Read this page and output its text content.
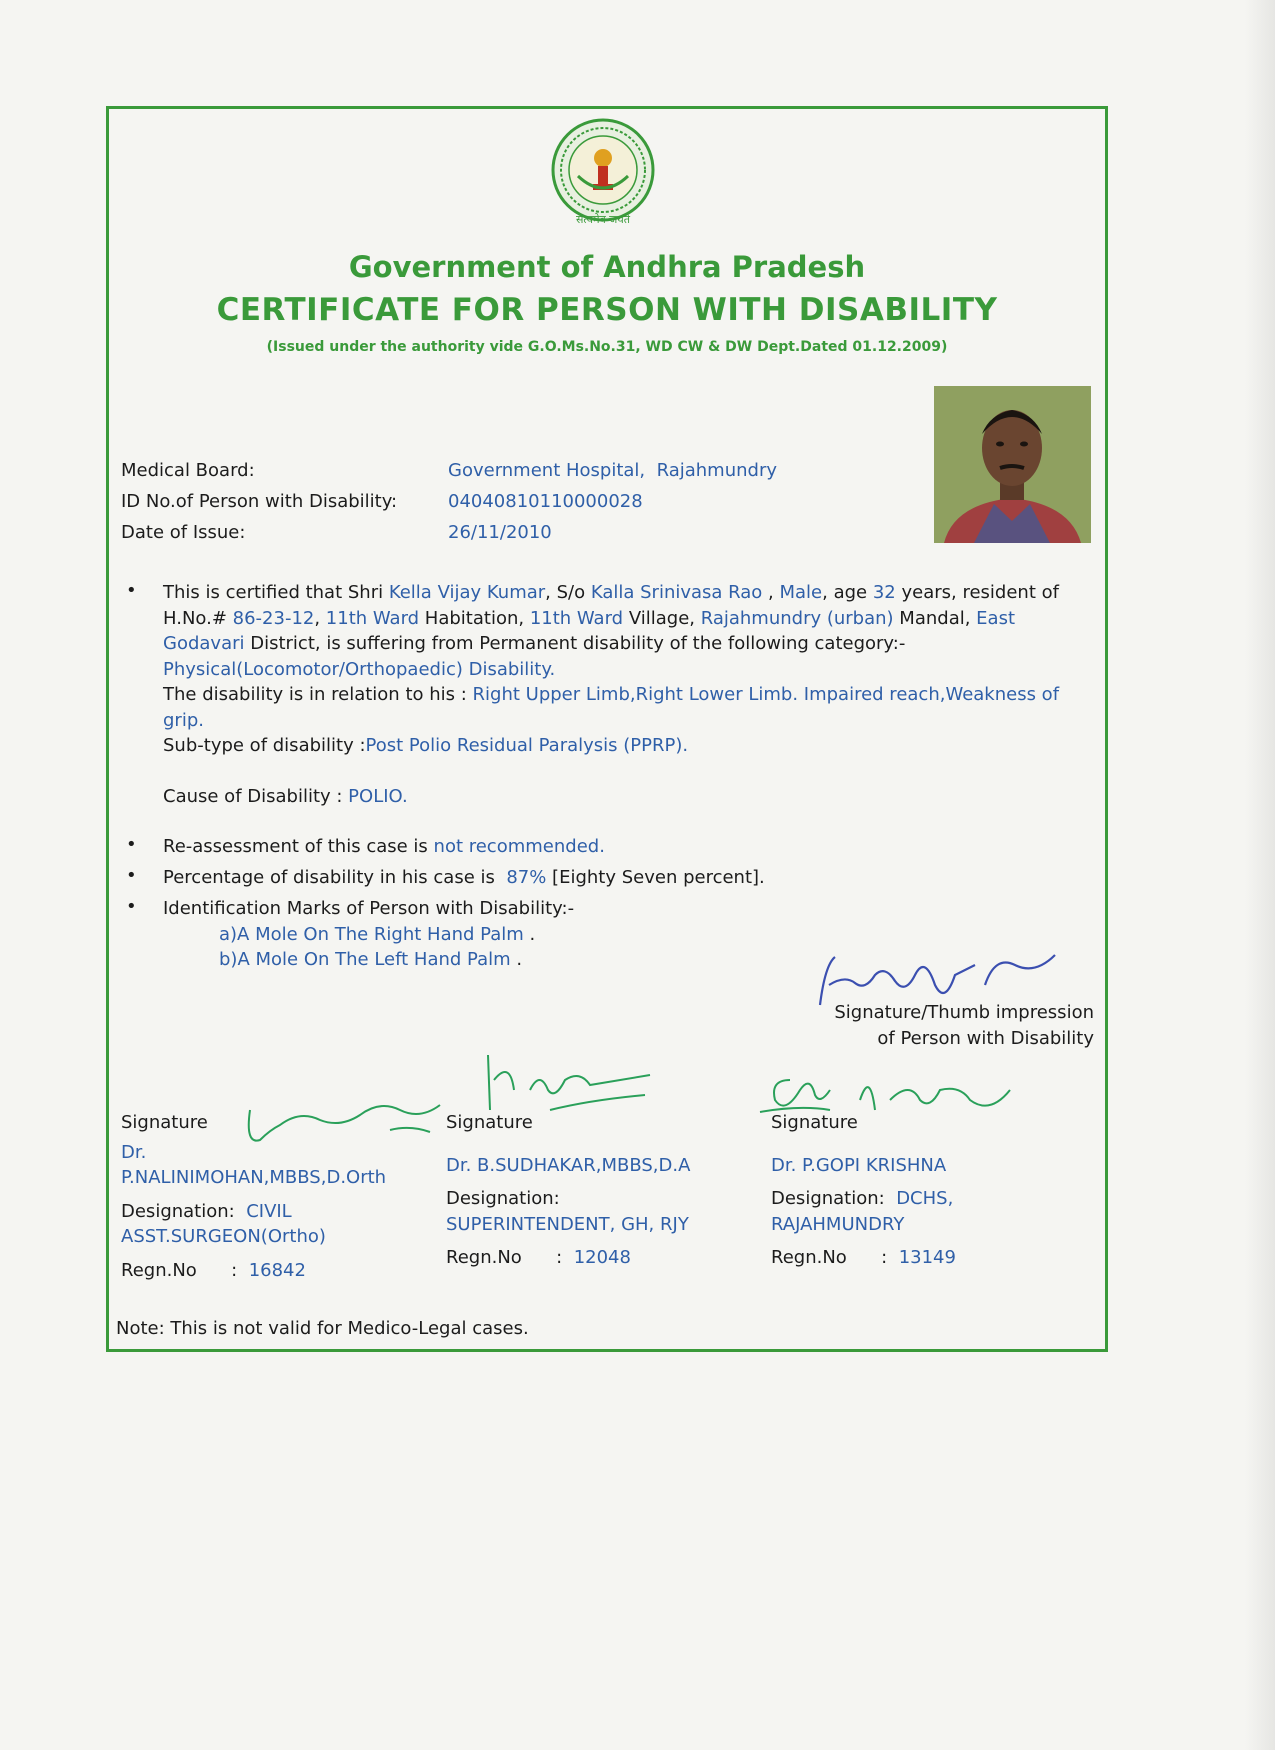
सत्यमेव जयते
Government of Andhra Pradesh
CERTIFICATE FOR PERSON WITH DISABILITY
(Issued under the authority vide G.O.Ms.No.31, WD CW & DW Dept.Dated 01.12.2009)
Medical Board:	Government Hospital,  Rajahmundry
ID No.of Person with Disability:	04040810110000028
Date of Issue:	26/11/2010
• This is certified that Shri Kella Vijay Kumar, S/o Kalla Srinivasa Rao , Male, age 32 years, resident of H.No.# 86-23-12, 11th Ward Habitation, 11th Ward Village, Rajahmundry (urban) Mandal, East Godavari District, is suffering from Permanent disability of the following category:-
Physical(Locomotor/Orthopaedic) Disability.
The disability is in relation to his : Right Upper Limb,Right Lower Limb. Impaired reach,Weakness of grip.
Sub-type of disability :Post Polio Residual Paralysis (PPRP).

Cause of Disability : POLIO.
• Re-assessment of this case is not recommended.
• Percentage of disability in his case is  87% [Eighty Seven percent].
• Identification Marks of Person with Disability:-
a)A Mole On The Right Hand Palm .
b)A Mole On The Left Hand Palm .
Signature/Thumb impression
of Person with Disability
Signature
Dr. P.NALINIMOHAN,MBBS,D.Orth
Designation: CIVIL ASST.SURGEON(Ortho)
Regn.No : 16842
Signature
Dr. B.SUDHAKAR,MBBS,D.A
Designation:
SUPERINTENDENT, GH, RJY
Regn.No : 12048
Signature
Dr. P.GOPI KRISHNA
Designation: DCHS, RAJAHMUNDRY
Regn.No : 13149
Note: This is not valid for Medico-Legal cases.
